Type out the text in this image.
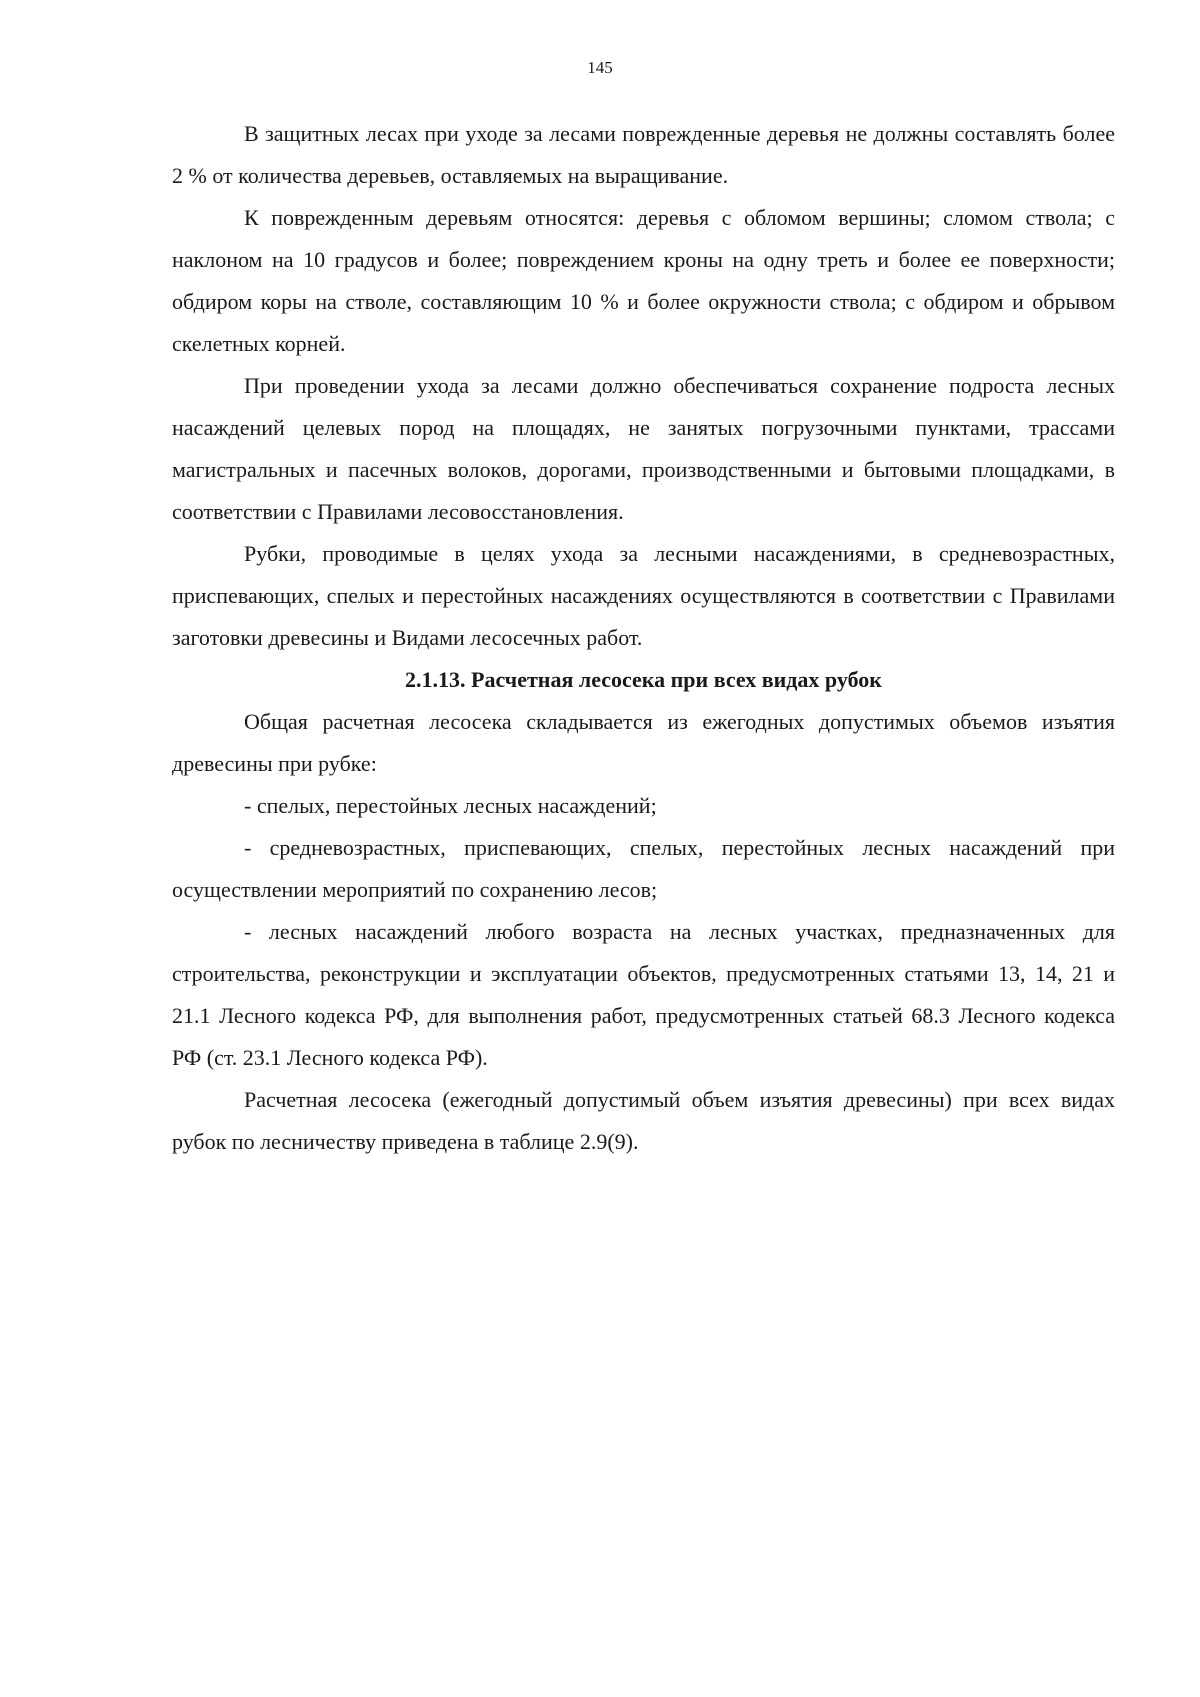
145

В защитных лесах при уходе за лесами поврежденные деревья не должны составлять более 2 % от количества деревьев, оставляемых на выращивание.

К поврежденным деревьям относятся: деревья с обломом вершины; сломом ствола; с наклоном на 10 градусов и более; повреждением кроны на одну треть и более ее поверхности; обдиром коры на стволе, составляющим 10 % и более окружности ствола; с обдиром и обрывом скелетных корней.

При проведении ухода за лесами должно обеспечиваться сохранение подроста лесных насаждений целевых пород на площадях, не занятых погрузочными пунктами, трассами магистральных и пасечных волоков, дорогами, производственными и бытовыми площадками, в соответствии с Правилами лесовосстановления.

Рубки, проводимые в целях ухода за лесными насаждениями, в средневозрастных, приспевающих, спелых и перестойных насаждениях осуществляются в соответствии с Правилами заготовки древесины и Видами лесосечных работ.

2.1.13. Расчетная лесосека при всех видах рубок

Общая расчетная лесосека складывается из ежегодных допустимых объемов изъятия древесины при рубке:

- спелых, перестойных лесных насаждений;

- средневозрастных, приспевающих, спелых, перестойных лесных насаждений при осуществлении мероприятий по сохранению лесов;

- лесных насаждений любого возраста на лесных участках, предназначенных для строительства, реконструкции и эксплуатации объектов, предусмотренных статьями 13, 14, 21 и 21.1 Лесного кодекса РФ, для выполнения работ, предусмотренных статьей 68.3 Лесного кодекса РФ (ст. 23.1 Лесного кодекса РФ).

Расчетная лесосека (ежегодный допустимый объем изъятия древесины) при всех видах рубок по лесничеству приведена в таблице 2.9(9).
